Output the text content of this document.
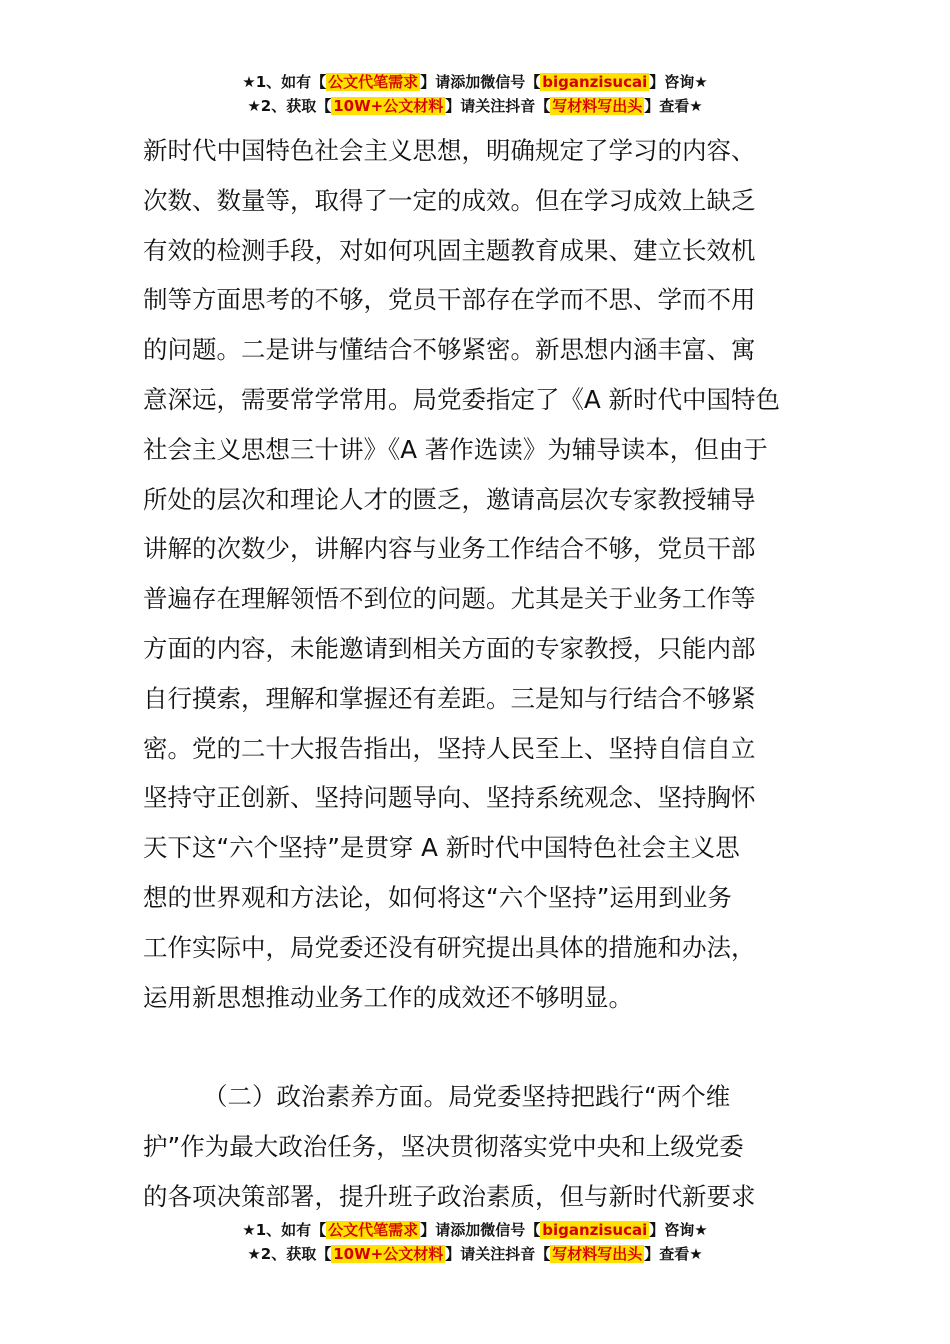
★1、如有【 公文代笔需求 】请添加微信号【 biganzisucai 】咨询★
★2、获取【 10W+公文材料 】请关注抖音【 写材料写出头 】查看★

新时代中国特色社会主义思想，明确规定了学习的内容、

次数、数量等，取得了一定的成效。但在学习成效上缺乏

有效的检测手段，对如何巩固主题教育成果、建立长效机

制等方面思考的不够，党员干部存在学而不思、学而不用

的问题。二是讲与懂结合不够紧密。新思想内涵丰富、寓

意深远，需要常学常用。局党委指定了《A 新时代中国特色

社会主义思想三十讲》《A 著作选读》为辅导读本，但由于

所处的层次和理论人才的匮乏，邀请高层次专家教授辅导

讲解的次数少，讲解内容与业务工作结合不够，党员干部

普遍存在理解领悟不到位的问题。尤其是关于业务工作等

方面的内容，未能邀请到相关方面的专家教授，只能内部

自行摸索，理解和掌握还有差距。三是知与行结合不够紧

密。党的二十大报告指出，坚持人民至上、坚持自信自立

坚持守正创新、坚持问题导向、坚持系统观念、坚持胸怀

天下这“六个坚持”是贯穿 A 新时代中国特色社会主义思

想的世界观和方法论，如何将这“六个坚持”运用到业务

工作实际中，局党委还没有研究提出具体的措施和办法，

运用新思想推动业务工作的成效还不够明显。

（二）政治素养方面。局党委坚持把践行“两个维

护”作为最大政治任务，坚决贯彻落实党中央和上级党委

的各项决策部署，提升班子政治素质，但与新时代新要求

★1、如有【 公文代笔需求 】请添加微信号【 biganzisucai 】咨询★
★2、获取【 10W+公文材料 】请关注抖音【 写材料写出头 】查看★
